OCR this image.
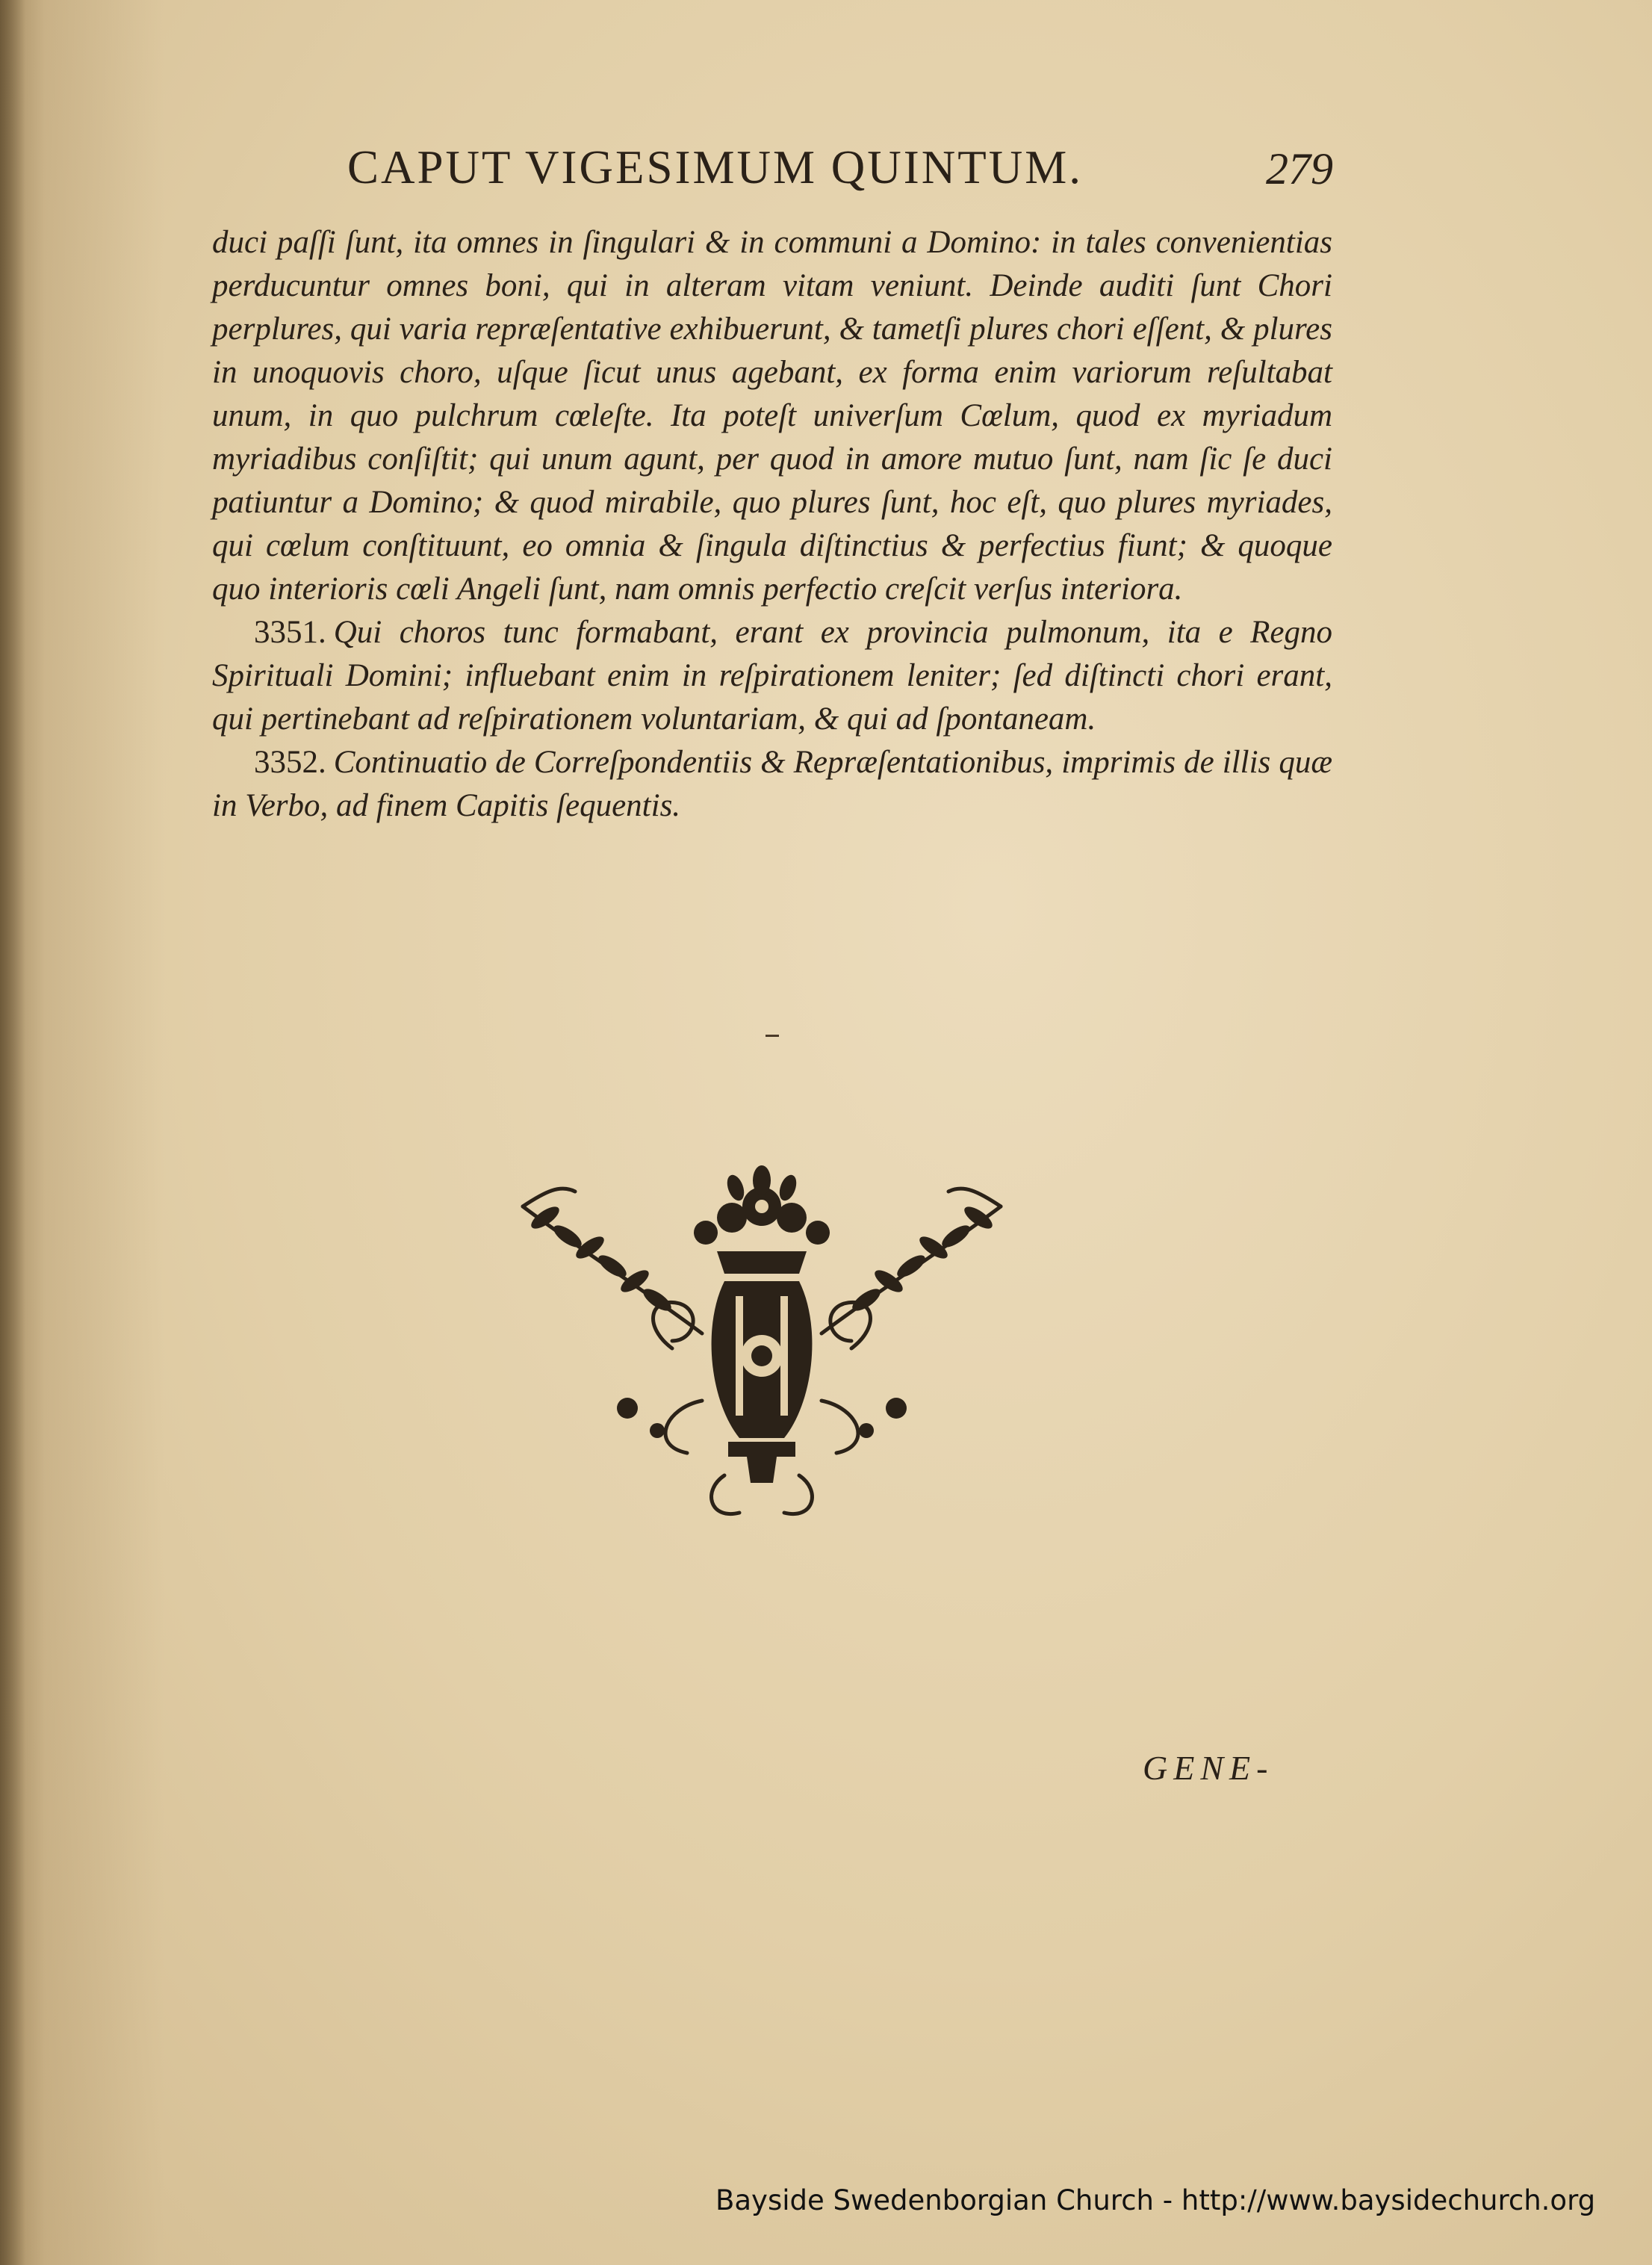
CAPUT VIGESIMUM QUINTUM.	279

duci paſſi ſunt, ita omnes in ſingulari & in communi a Domino: in tales convenientias perducuntur omnes boni, qui in alteram vitam veniunt. Deinde auditi ſunt Chori perplures, qui varia repræſentative exhibuerunt, & tametſi plures chori eſſent, & plures in unoquovis choro, uſque ſicut unus agebant, ex forma enim variorum reſultabat unum, in quo pulchrum cœleſte. Ita poteſt univerſum Cœlum, quod ex myriadum myriadibus conſiſtit; qui unum agunt, per quod in amore mutuo ſunt, nam ſic ſe duci patiuntur a Domino; & quod mirabile, quo plures ſunt, hoc eſt, quo plures myriades, qui cœlum conſtituunt, eo omnia & ſingula diſtinctius & perfectius fiunt; & quoque quo interioris cœli Angeli ſunt, nam omnis perfectio creſcit verſus interiora.

3351. Qui choros tunc formabant, erant ex provincia pulmonum, ita e Regno Spirituali Domini; influebant enim in reſpirationem leniter; ſed diſtincti chori erant, qui pertinebant ad reſpirationem voluntariam, & qui ad ſpontaneam.

3352. Continuatio de Correſpondentiis & Repræſentationibus, imprimis de illis quæ in Verbo, ad finem Capitis ſequentis.

GENE-
Bayside Swedenborgian Church - http://www.baysidechurch.org
